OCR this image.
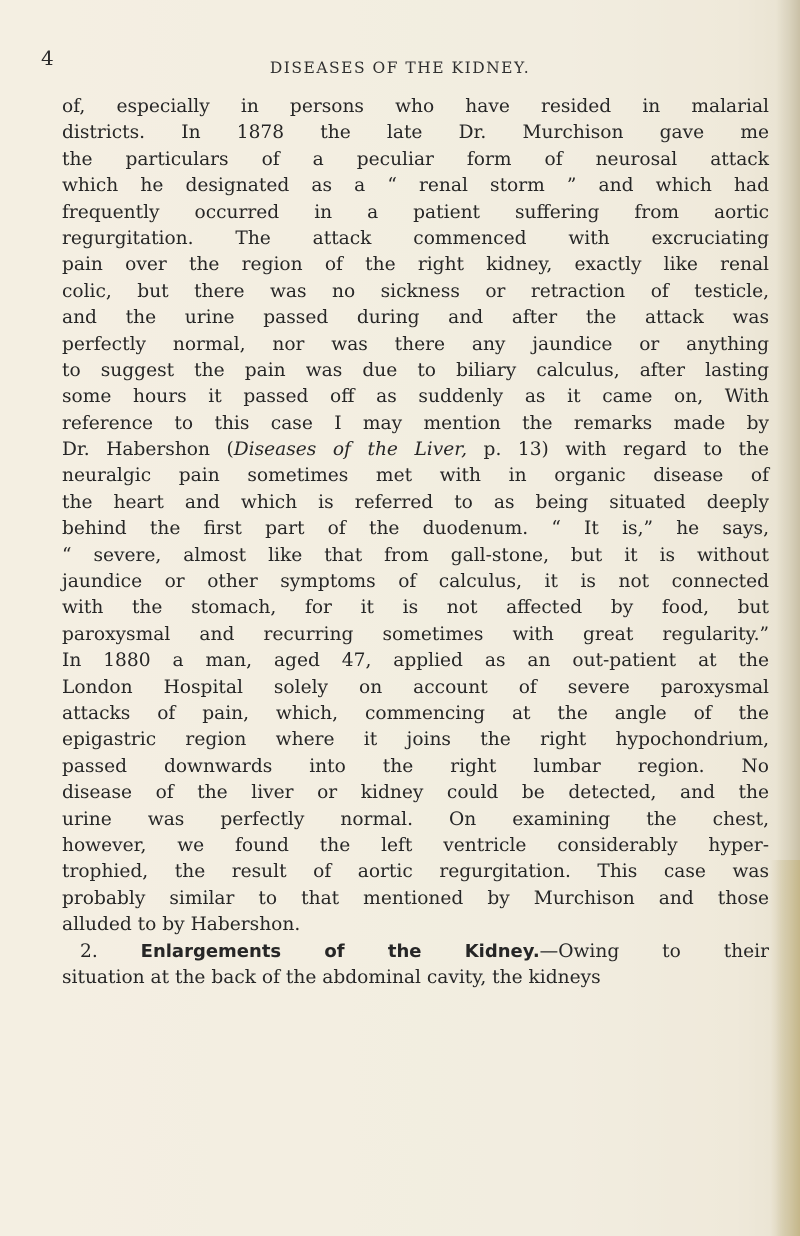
4	DISEASES OF THE KIDNEY.
of, especially in persons who have resided in malarial
districts. In 1878 the late Dr. Murchison gave me
the particulars of a peculiar form of neurosal attack
which he designated as a “ renal storm ” and which had
frequently occurred in a patient suffering from aortic
regurgitation. The attack commenced with excruciating
pain over the region of the right kidney, exactly like renal
colic, but there was no sickness or retraction of testicle,
and the urine passed during and after the attack was
perfectly normal, nor was there any jaundice or anything
to suggest the pain was due to biliary calculus, after lasting
some hours it passed off as suddenly as it came on, With
reference to this case I may mention the remarks made by
Dr. Habershon (Diseases of the Liver, p. 13) with regard to the
neuralgic pain sometimes met with in organic disease of
the heart and which is referred to as being situated deeply
behind the first part of the duodenum. “ It is,” he says,
“ severe, almost like that from gall-stone, but it is without
jaundice or other symptoms of calculus, it is not connected
with the stomach, for it is not affected by food, but
paroxysmal and recurring sometimes with great regularity.”
In 1880 a man, aged 47, applied as an out-patient at the
London Hospital solely on account of severe paroxysmal
attacks of pain, which, commencing at the angle of the
epigastric region where it joins the right hypochondrium,
passed downwards into the right lumbar region. No
disease of the liver or kidney could be detected, and the
urine was perfectly normal. On examining the chest,
however, we found the left ventricle considerably hyper-
trophied, the result of aortic regurgitation. This case was
probably similar to that mentioned by Murchison and those
alluded to by Habershon.
2. Enlargements of the Kidney.—Owing to their
situation at the back of the abdominal cavity, the kidneys
